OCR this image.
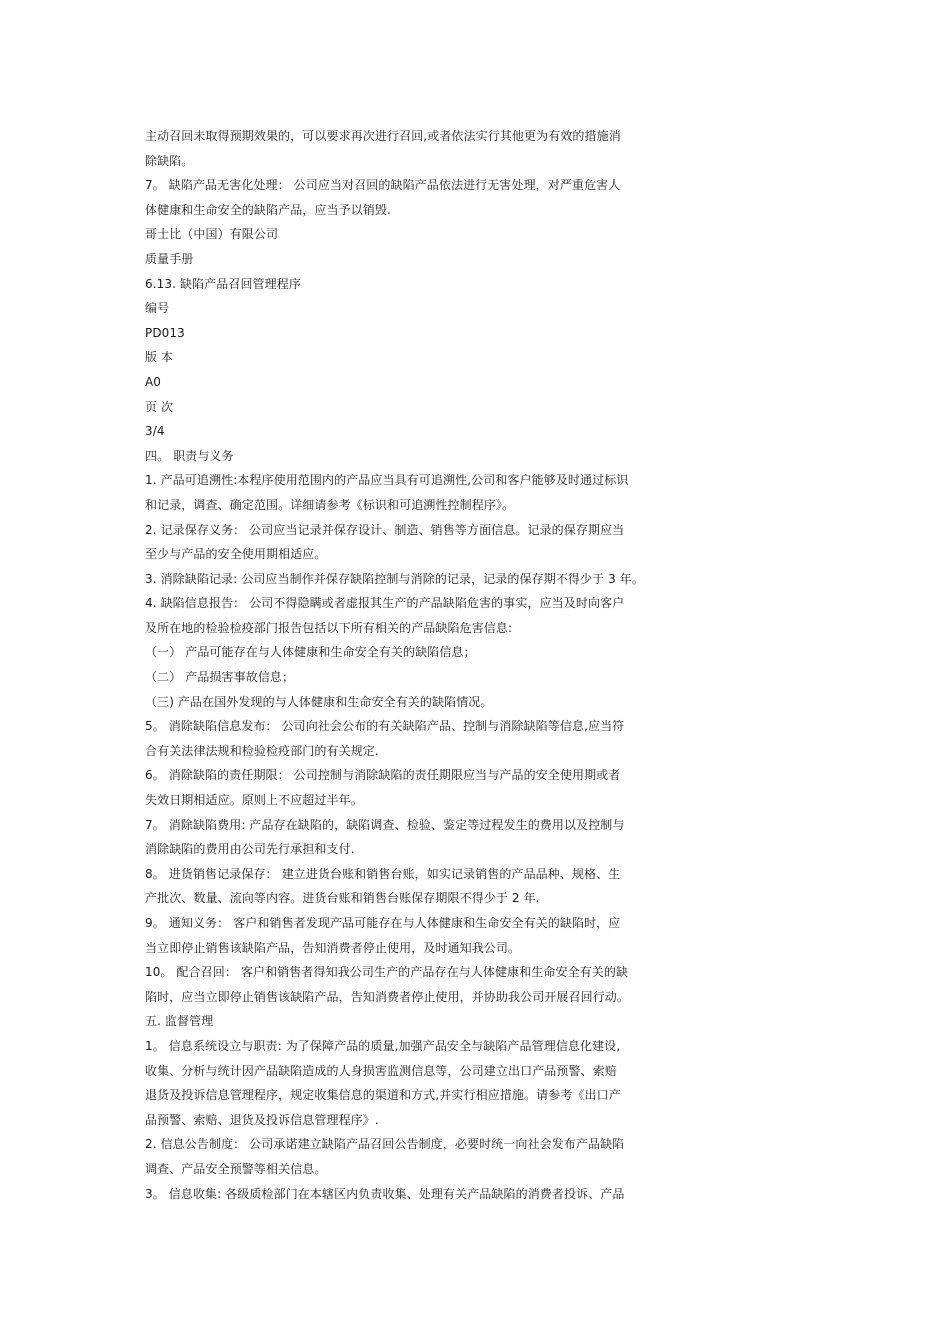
主动召回未取得预期效果的，可以要求再次进行召回,或者依法实行其他更为有效的措施消
除缺陷。
7。 缺陷产品无害化处理： 公司应当对召回的缺陷产品依法进行无害处理，对严重危害人
体健康和生命安全的缺陷产品，应当予以销毁.
哥士比（中国）有限公司
质量手册
6.13. 缺陷产品召回管理程序
编号
PD013
版 本
A0
页 次
3/4
四。 职责与义务
1. 产品可追溯性:本程序使用范围内的产品应当具有可追溯性,公司和客户能够及时通过标识
和记录，调查、确定范围。详细请参考《标识和可追溯性控制程序》。
2. 记录保存义务： 公司应当记录并保存设计、制造、销售等方面信息。记录的保存期应当
至少与产品的安全使用期相适应。
3. 消除缺陷记录: 公司应当制作并保存缺陷控制与消除的记录，记录的保存期不得少于 3 年。
4. 缺陷信息报告： 公司不得隐瞒或者虚报其生产的产品缺陷危害的事实，应当及时向客户
及所在地的检验检疫部门报告包括以下所有相关的产品缺陷危害信息:
（一） 产品可能存在与人体健康和生命安全有关的缺陷信息；
（二） 产品损害事故信息；
（三) 产品在国外发现的与人体健康和生命安全有关的缺陷情况。
5。 消除缺陷信息发布： 公司向社会公布的有关缺陷产品、控制与消除缺陷等信息,应当符
合有关法律法规和检验检疫部门的有关规定.
6。 消除缺陷的责任期限： 公司控制与消除缺陷的责任期限应当与产品的安全使用期或者
失效日期相适应。原则上不应超过半年。
7。 消除缺陷费用: 产品存在缺陷的，缺陷调查、检验、鉴定等过程发生的费用以及控制与
消除缺陷的费用由公司先行承担和支付.
8。 进货销售记录保存： 建立进货台账和销售台账，如实记录销售的产品品种、规格、生
产批次、数量、流向等内容。进货台账和销售台账保存期限不得少于 2 年.
9。 通知义务： 客户和销售者发现产品可能存在与人体健康和生命安全有关的缺陷时，应
当立即停止销售该缺陷产品，告知消费者停止使用，及时通知我公司。
10。 配合召回： 客户和销售者得知我公司生产的产品存在与人体健康和生命安全有关的缺
陷时，应当立即停止销售该缺陷产品，告知消费者停止使用，并协助我公司开展召回行动。
五. 监督管理
1。 信息系统设立与职责: 为了保障产品的质量,加强产品安全与缺陷产品管理信息化建设,
收集、分析与统计因产品缺陷造成的人身损害监测信息等，公司建立出口产品预警、索赔
退货及投诉信息管理程序，规定收集信息的渠道和方式,并实行相应措施。请参考《出口产
品预警、索赔、退货及投诉信息管理程序》.
2. 信息公告制度： 公司承诺建立缺陷产品召回公告制度，必要时统一向社会发布产品缺陷
调查、产品安全预警等相关信息。
3。 信息收集: 各级质检部门在本辖区内负责收集、处理有关产品缺陷的消费者投诉、产品
